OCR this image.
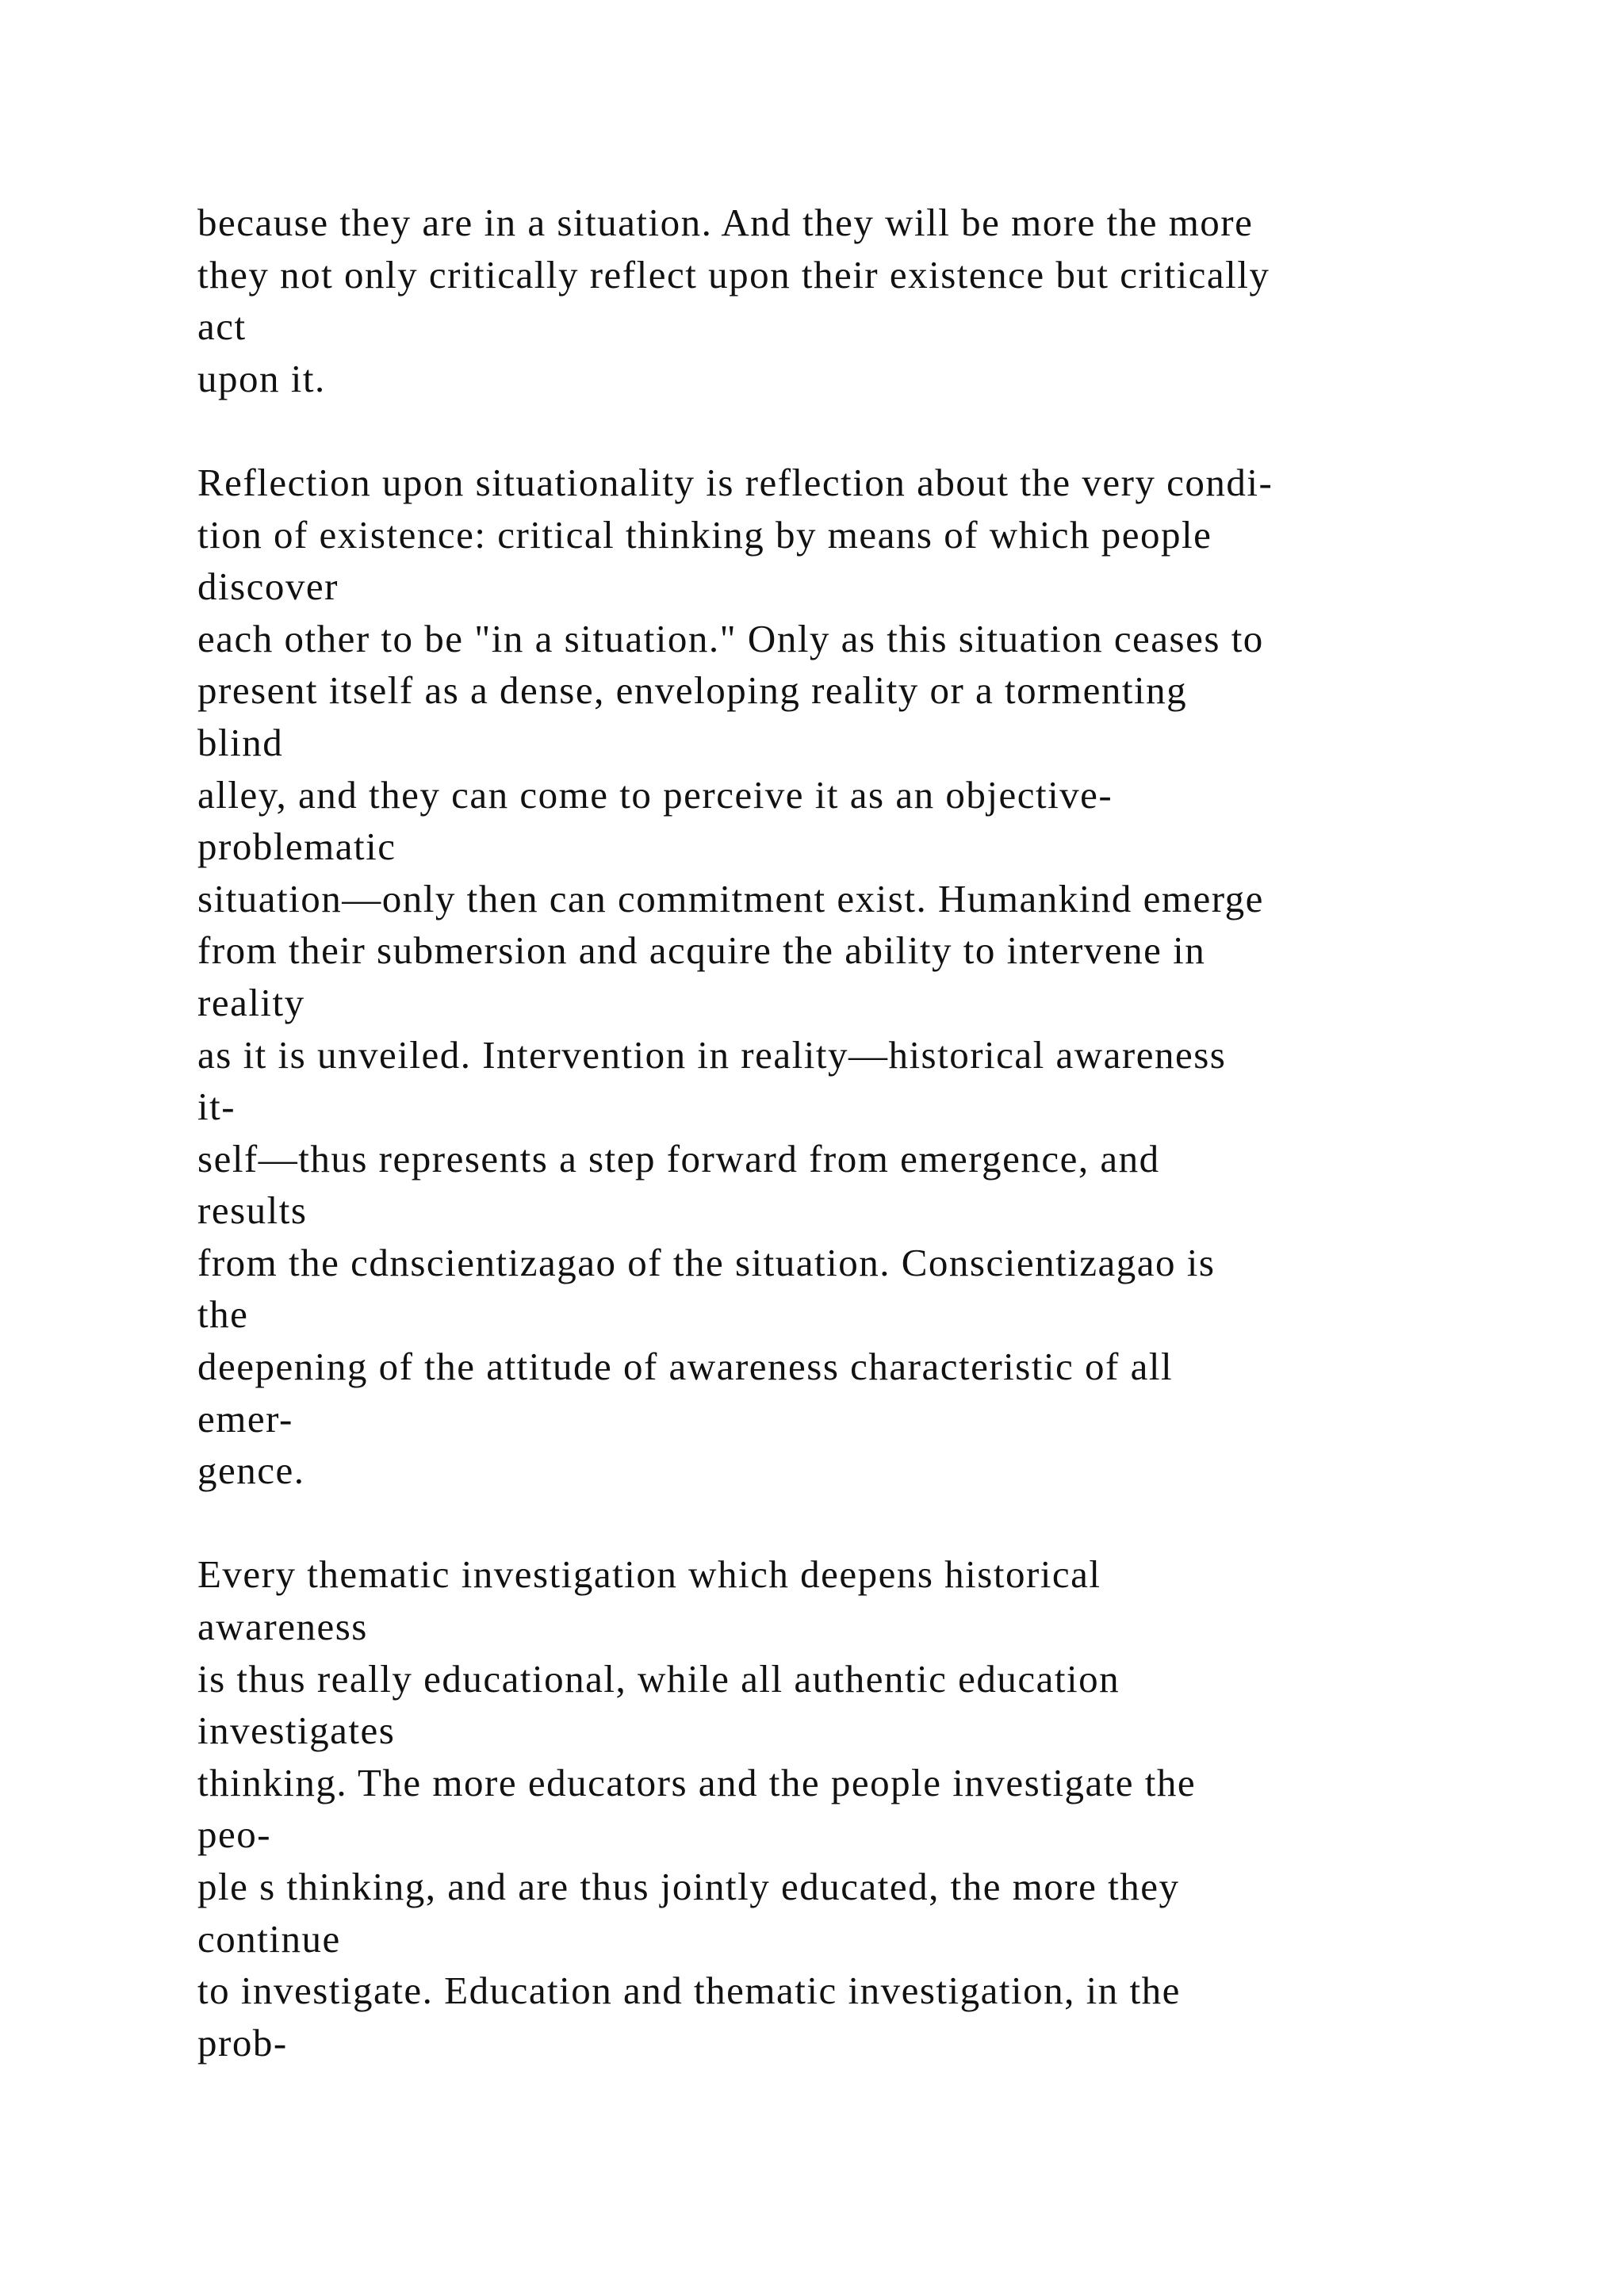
because they are in a situation. And they will be more the more
they not only critically reflect upon their existence but critically
act
upon it.
Reflection upon situationality is reflection about the very condi-
tion of existence: critical thinking by means of which people
discover
each other to be "in a situation." Only as this situation ceases to
present itself as a dense, enveloping reality or a tormenting
blind
alley, and they can come to perceive it as an objective-
problematic
situation—only then can commitment exist. Humankind emerge
from their submersion and acquire the ability to intervene in
reality
as it is unveiled. Intervention in reality—historical awareness
it-
self—thus represents a step forward from emergence, and
results
from the cdnscientizagao of the situation. Conscientizagao is
the
deepening of the attitude of awareness characteristic of all
emer-
gence.
Every thematic investigation which deepens historical
awareness
is thus really educational, while all authentic education
investigates
thinking. The more educators and the people investigate the
peo-
ple s thinking, and are thus jointly educated, the more they
continue
to investigate. Education and thematic investigation, in the
prob-
